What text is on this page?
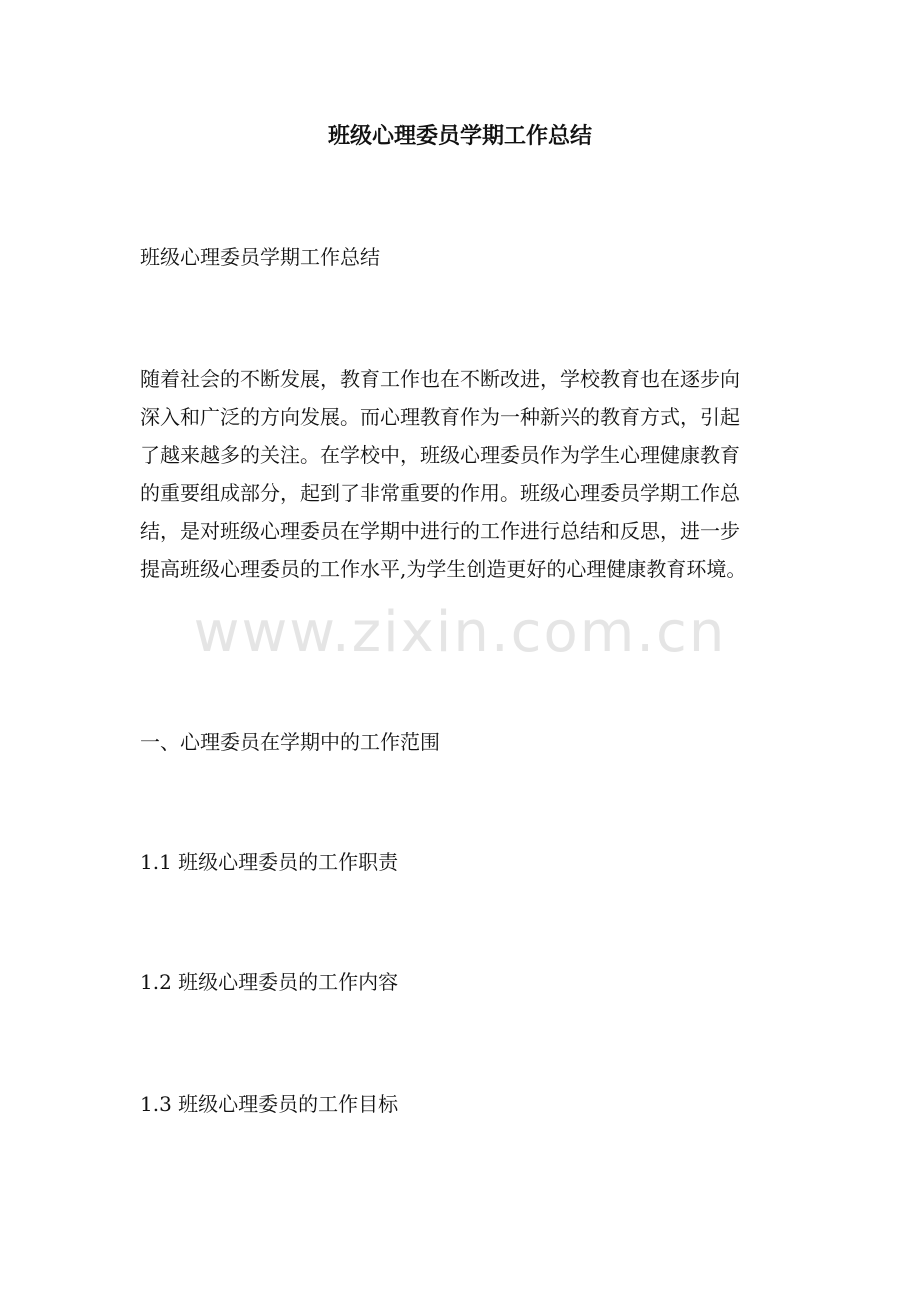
班级心理委员学期工作总结

班级心理委员学期工作总结

随着社会的不断发展，教育工作也在不断改进，学校教育也在逐步向
深入和广泛的方向发展。而心理教育作为一种新兴的教育方式，引起
了越来越多的关注。在学校中，班级心理委员作为学生心理健康教育
的重要组成部分，起到了非常重要的作用。班级心理委员学期工作总
结，是对班级心理委员在学期中进行的工作进行总结和反思，进一步
提高班级心理委员的工作水平,为学生创造更好的心理健康教育环境。

一、心理委员在学期中的工作范围

1.1 班级心理委员的工作职责

1.2 班级心理委员的工作内容

1.3 班级心理委员的工作目标

www.zixin.com.cn
